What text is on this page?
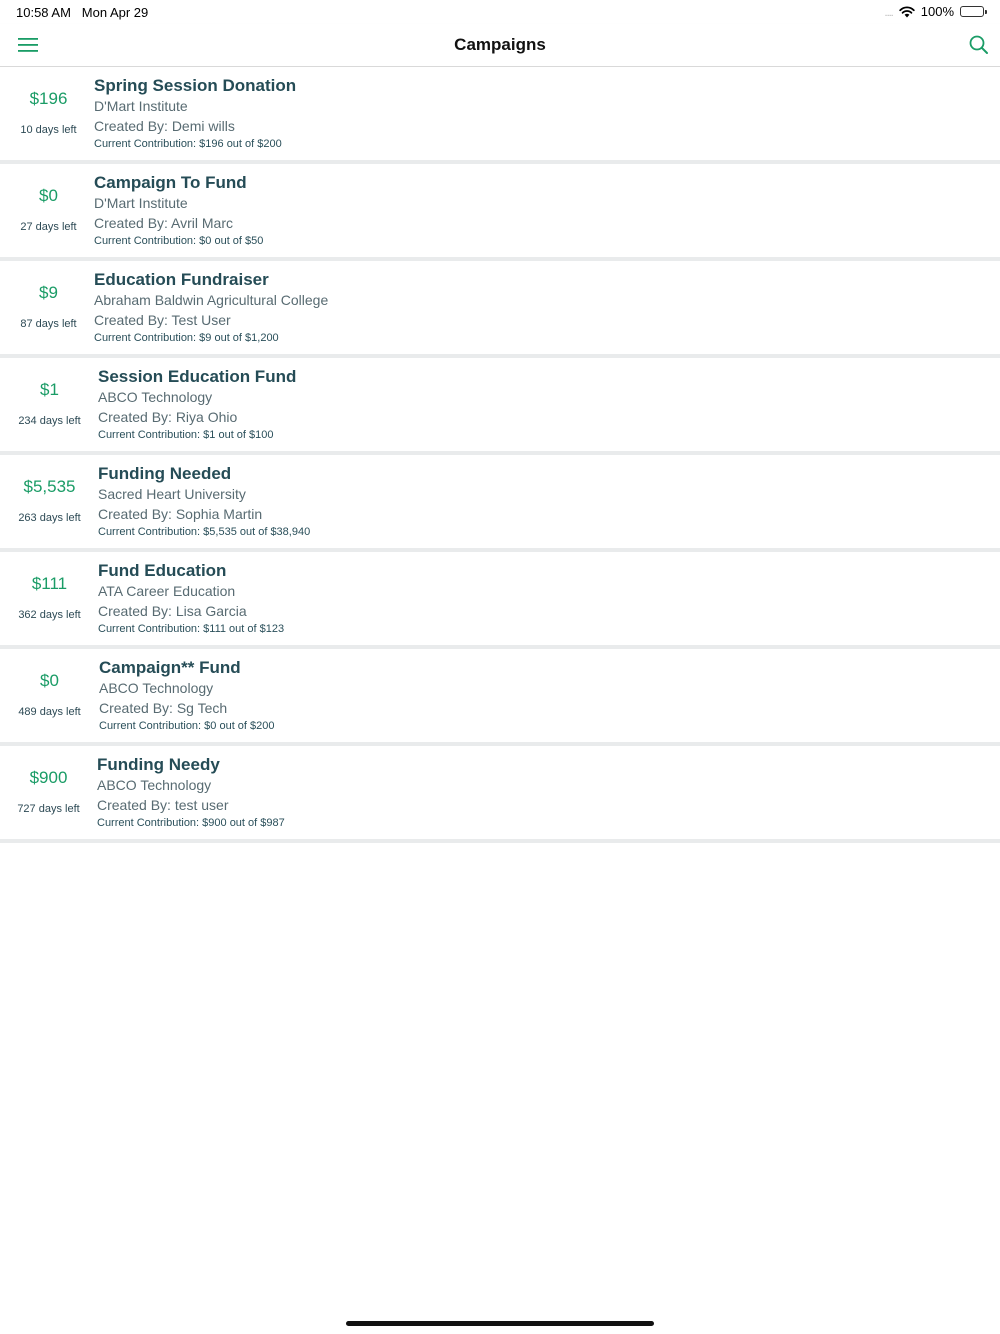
10:58 AM Mon Apr 29	.... 100%
Campaigns
$196
10 days left
Spring Session Donation
D'Mart Institute
Created By: Demi wills
Current Contribution: $196 out of $200
$0
27 days left
Campaign To Fund
D'Mart Institute
Created By: Avril Marc
Current Contribution: $0 out of $50
$9
87 days left
Education Fundraiser
Abraham Baldwin Agricultural College
Created By: Test User
Current Contribution: $9 out of $1,200
$1
234 days left
Session Education Fund
ABCO Technology
Created By: Riya Ohio
Current Contribution: $1 out of $100
$5,535
263 days left
Funding Needed
Sacred Heart University
Created By: Sophia Martin
Current Contribution: $5,535 out of $38,940
$111
362 days left
Fund Education
ATA Career Education
Created By: Lisa Garcia
Current Contribution: $111 out of $123
$0
489 days left
Campaign** Fund
ABCO Technology
Created By: Sg Tech
Current Contribution: $0 out of $200
$900
727 days left
Funding Needy
ABCO Technology
Created By: test user
Current Contribution: $900 out of $987
